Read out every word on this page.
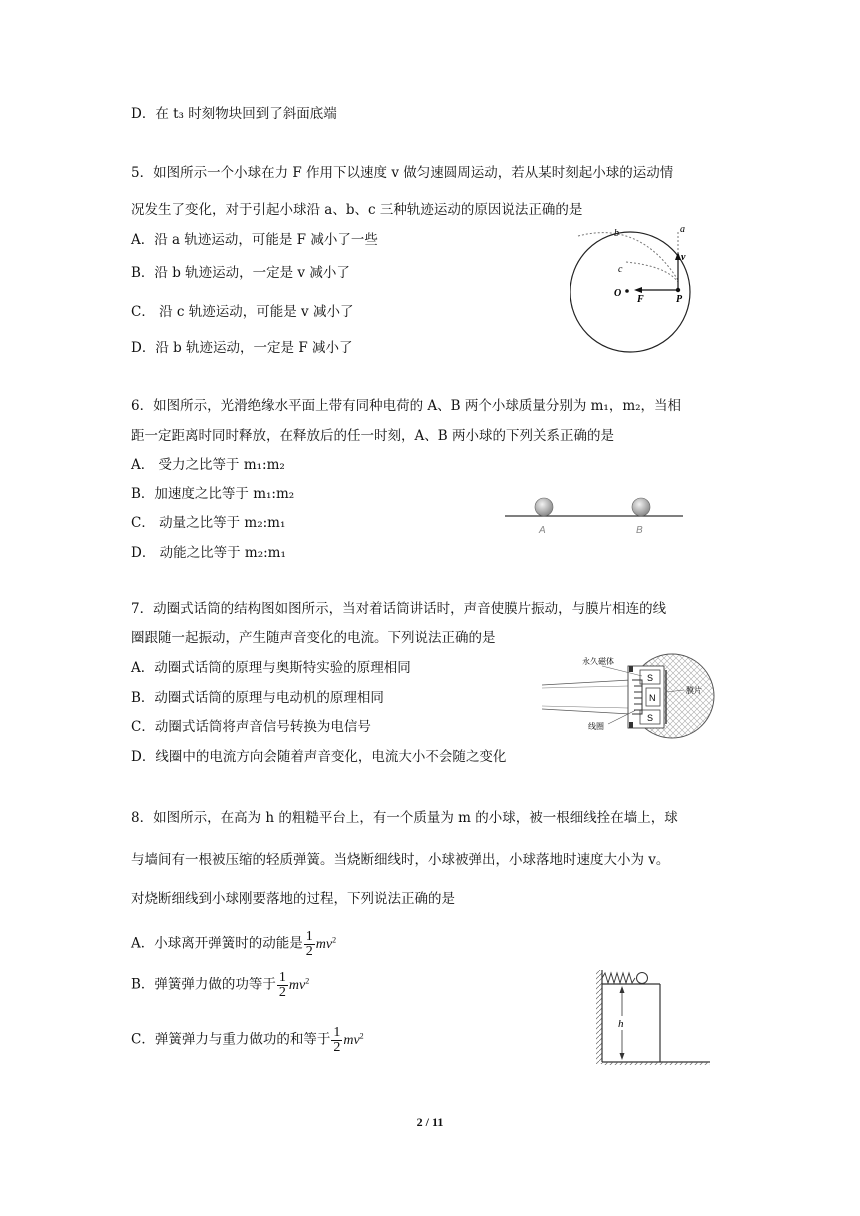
D．在 t₃ 时刻物块回到了斜面底端
5．如图所示一个小球在力 F 作用下以速度 v 做匀速圆周运动，若从某时刻起小球的运动情
况发生了变化，对于引起小球沿 a、b、c 三种轨迹运动的原因说法正确的是
A．沿 a 轨迹运动，可能是 F 减小了一些
B．沿 b 轨迹运动，一定是 v 减小了
C． 沿 c 轨迹运动，可能是 v 减小了
D．沿 b 轨迹运动，一定是 F 减小了
b	a
c
v
O
F	P
6．如图所示，光滑绝缘水平面上带有同种电荷的 A、B 两个小球质量分别为 m₁，m₂，当相
距一定距离时同时释放，在释放后的任一时刻，A、B 两小球的下列关系正确的是
A． 受力之比等于 m₁:m₂
B．加速度之比等于 m₁:m₂
C． 动量之比等于 m₂:m₁
D． 动能之比等于 m₂:m₁
A	B
7．动圈式话筒的结构图如图所示，当对着话筒讲话时，声音使膜片振动，与膜片相连的线
圈跟随一起振动，产生随声音变化的电流。下列说法正确的是
A．动圈式话筒的原理与奥斯特实验的原理相同
B．动圈式话筒的原理与电动机的原理相同
C．动圈式话筒将声音信号转换为电信号
D．线圈中的电流方向会随着声音变化，电流大小不会随之变化
永久磁体
线圈
膜片
S
N
S
8．如图所示，在高为 h 的粗糙平台上，有一个质量为 m 的小球，被一根细线拴在墙上，球
与墙间有一根被压缩的轻质弹簧。当烧断细线时，小球被弹出，小球落地时速度大小为 v。
对烧断细线到小球刚要落地的过程，下列说法正确的是
A．小球离开弹簧时的动能是 $\frac{1}{2} mv^2$
B．弹簧弹力做的功等于 $\frac{1}{2} mv^2$
C．弹簧弹力与重力做功的和等于 $\frac{1}{2} mv^2$
h
2 / 11
